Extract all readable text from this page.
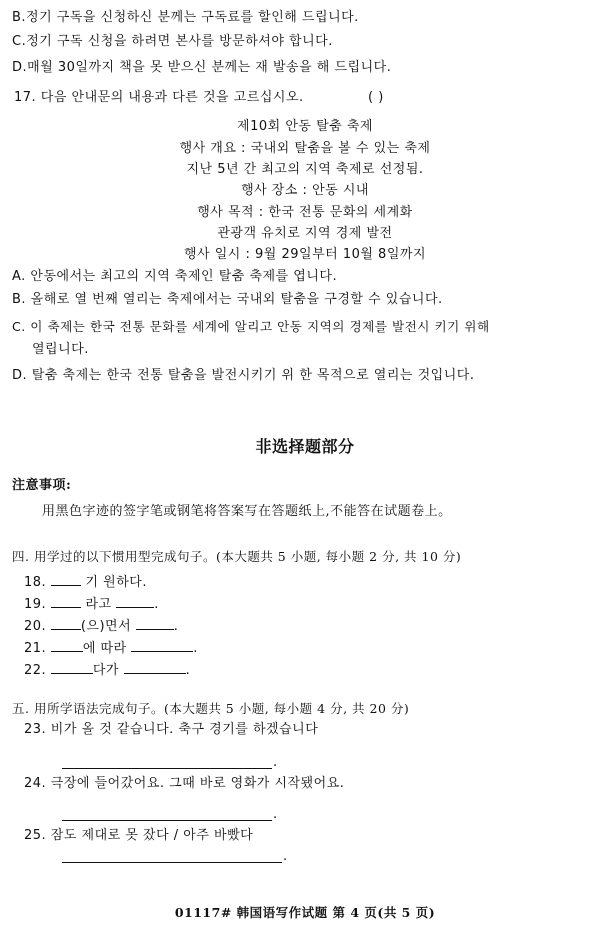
B.정기 구독을 신청하신 분께는 구독료를 할인해 드립니다.
C.정기 구독 신청을 하려면 본사를 방문하셔야 합니다.
D.매월 30일까지 책을 못 받으신 분께는 재 발송을 해 드립니다.
17. 다음 안내문의 내용과 다른 것을 고르십시오.	( )
제10회 안동 탈춤 축제
행사 개요 : 국내외 탈춤을 볼 수 있는 축제
지난 5년 간 최고의 지역 축제로 선정됨.
행사 장소 : 안동 시내
행사 목적 : 한국 전통 문화의 세계화
관광객 유치로 지역 경제 발전
행사 일시 : 9월 29일부터 10월 8일까지
A. 안동에서는 최고의 지역 축제인 탈춤 축제를 엽니다.
B. 올해로 열 번째 열리는 축제에서는 국내외 탈춤을 구경할 수 있습니다.
C. 이 축제는 한국 전통 문화를 세계에 알리고 안동 지역의 경제를 발전시 키기 위해
열립니다.
D. 탈춤 축제는 한국 전통 탈춤을 발전시키기 위 한 목적으로 열리는 것입니다.
非选择题部分
注意事项:
用黑色字迹的签字笔或钢笔将答案写在答题纸上,不能答在试题卷上。
四. 用学过的以下惯用型完成句子。(本大题共 5 小题, 每小题 2 分, 共 10 分)
18.	기 원하다.
19.	라고	.
20.	(으)면서	.
21.	에 따라	.
22.	다가	.
五. 用所学语法完成句子。(本大题共 5 小题, 每小题 4 分, 共 20 分)
23. 비가 올 것 같습니다. 축구 경기를 하겠습니다
.
24. 극장에 들어갔어요. 그때 바로 영화가 시작됐어요.
.
25. 잠도 제대로 못 잤다 / 아주 바빴다
.
01117# 韩国语写作试题 第 4 页(共 5 页)
